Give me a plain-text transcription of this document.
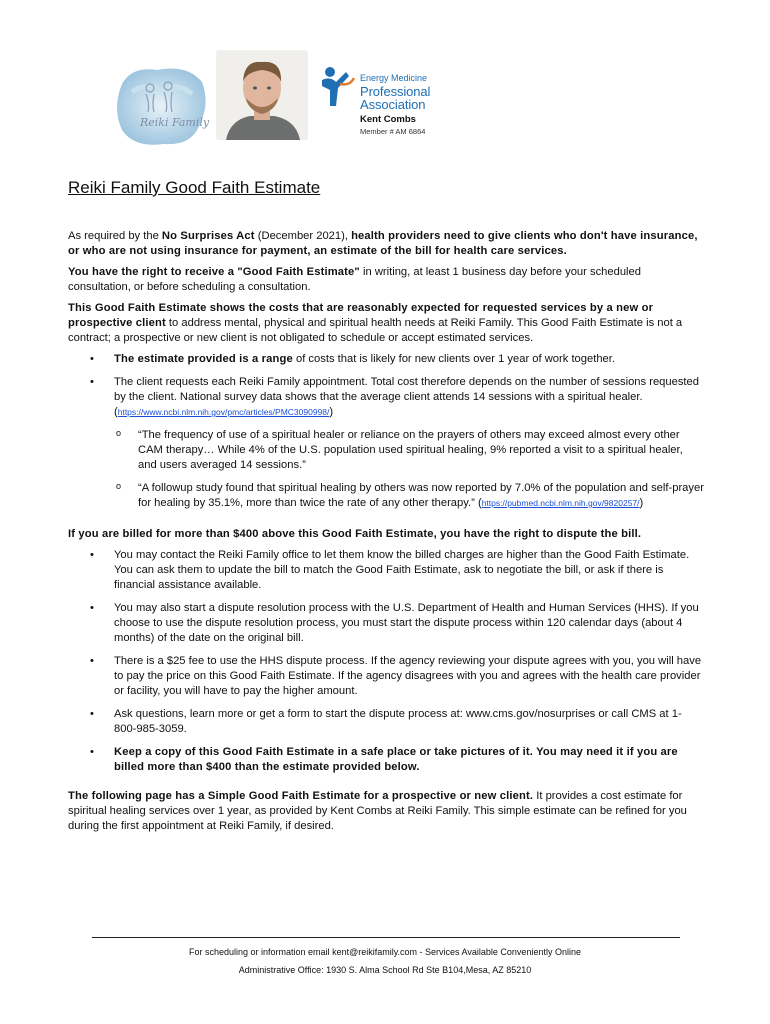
Reiki Family
Energy Medicine
Professional Association
Kent Combs
Member # AM 6864
Reiki Family Good Faith Estimate

As required by the No Surprises Act (December 2021), health providers need to give clients who don't have insurance, or who are not using insurance for payment, an estimate of the bill for health care services.

You have the right to receive a "Good Faith Estimate" in writing, at least 1 business day before your scheduled consultation, or before scheduling a consultation.

This Good Faith Estimate shows the costs that are reasonably expected for requested services by a new or prospective client to address mental, physical and spiritual health needs at Reiki Family. This Good Faith Estimate is not a contract; a prospective or new client is not obligated to schedule or accept estimated services.

• The estimate provided is a range of costs that is likely for new clients over 1 year of work together.
• The client requests each Reiki Family appointment. Total cost therefore depends on the number of sessions requested by the client. National survey data shows that the average client attends 14 sessions with a spiritual healer. (https://www.ncbi.nlm.nih.gov/pmc/articles/PMC3090998/)
o “The frequency of use of a spiritual healer or reliance on the prayers of others may exceed almost every other CAM therapy… While 4% of the U.S. population used spiritual healing, 9% reported a visit to a spiritual healer, and users averaged 14 sessions.”
o “A followup study found that spiritual healing by others was now reported by 7.0% of the population and self-prayer for healing by 35.1%, more than twice the rate of any other therapy.” (https://pubmed.ncbi.nlm.nih.gov/9820257/)

If you are billed for more than $400 above this Good Faith Estimate, you have the right to dispute the bill.

• You may contact the Reiki Family office to let them know the billed charges are higher than the Good Faith Estimate. You can ask them to update the bill to match the Good Faith Estimate, ask to negotiate the bill, or ask if there is financial assistance available.
• You may also start a dispute resolution process with the U.S. Department of Health and Human Services (HHS). If you choose to use the dispute resolution process, you must start the dispute process within 120 calendar days (about 4 months) of the date on the original bill.
• There is a $25 fee to use the HHS dispute process. If the agency reviewing your dispute agrees with you, you will have to pay the price on this Good Faith Estimate. If the agency disagrees with you and agrees with the health care provider or facility, you will have to pay the higher amount.
• Ask questions, learn more or get a form to start the dispute process at: www.cms.gov/nosurprises or call CMS at 1-800-985-3059.
• Keep a copy of this Good Faith Estimate in a safe place or take pictures of it. You may need it if you are billed more than $400 than the estimate provided below.

The following page has a Simple Good Faith Estimate for a prospective or new client. It provides a cost estimate for spiritual healing services over 1 year, as provided by Kent Combs at Reiki Family. This simple estimate can be refined for you during the first appointment at Reiki Family, if desired.

For scheduling or information email kent@reikifamily.com - Services Available Conveniently Online
Administrative Office: 1930 S. Alma School Rd Ste B104,Mesa, AZ 85210
